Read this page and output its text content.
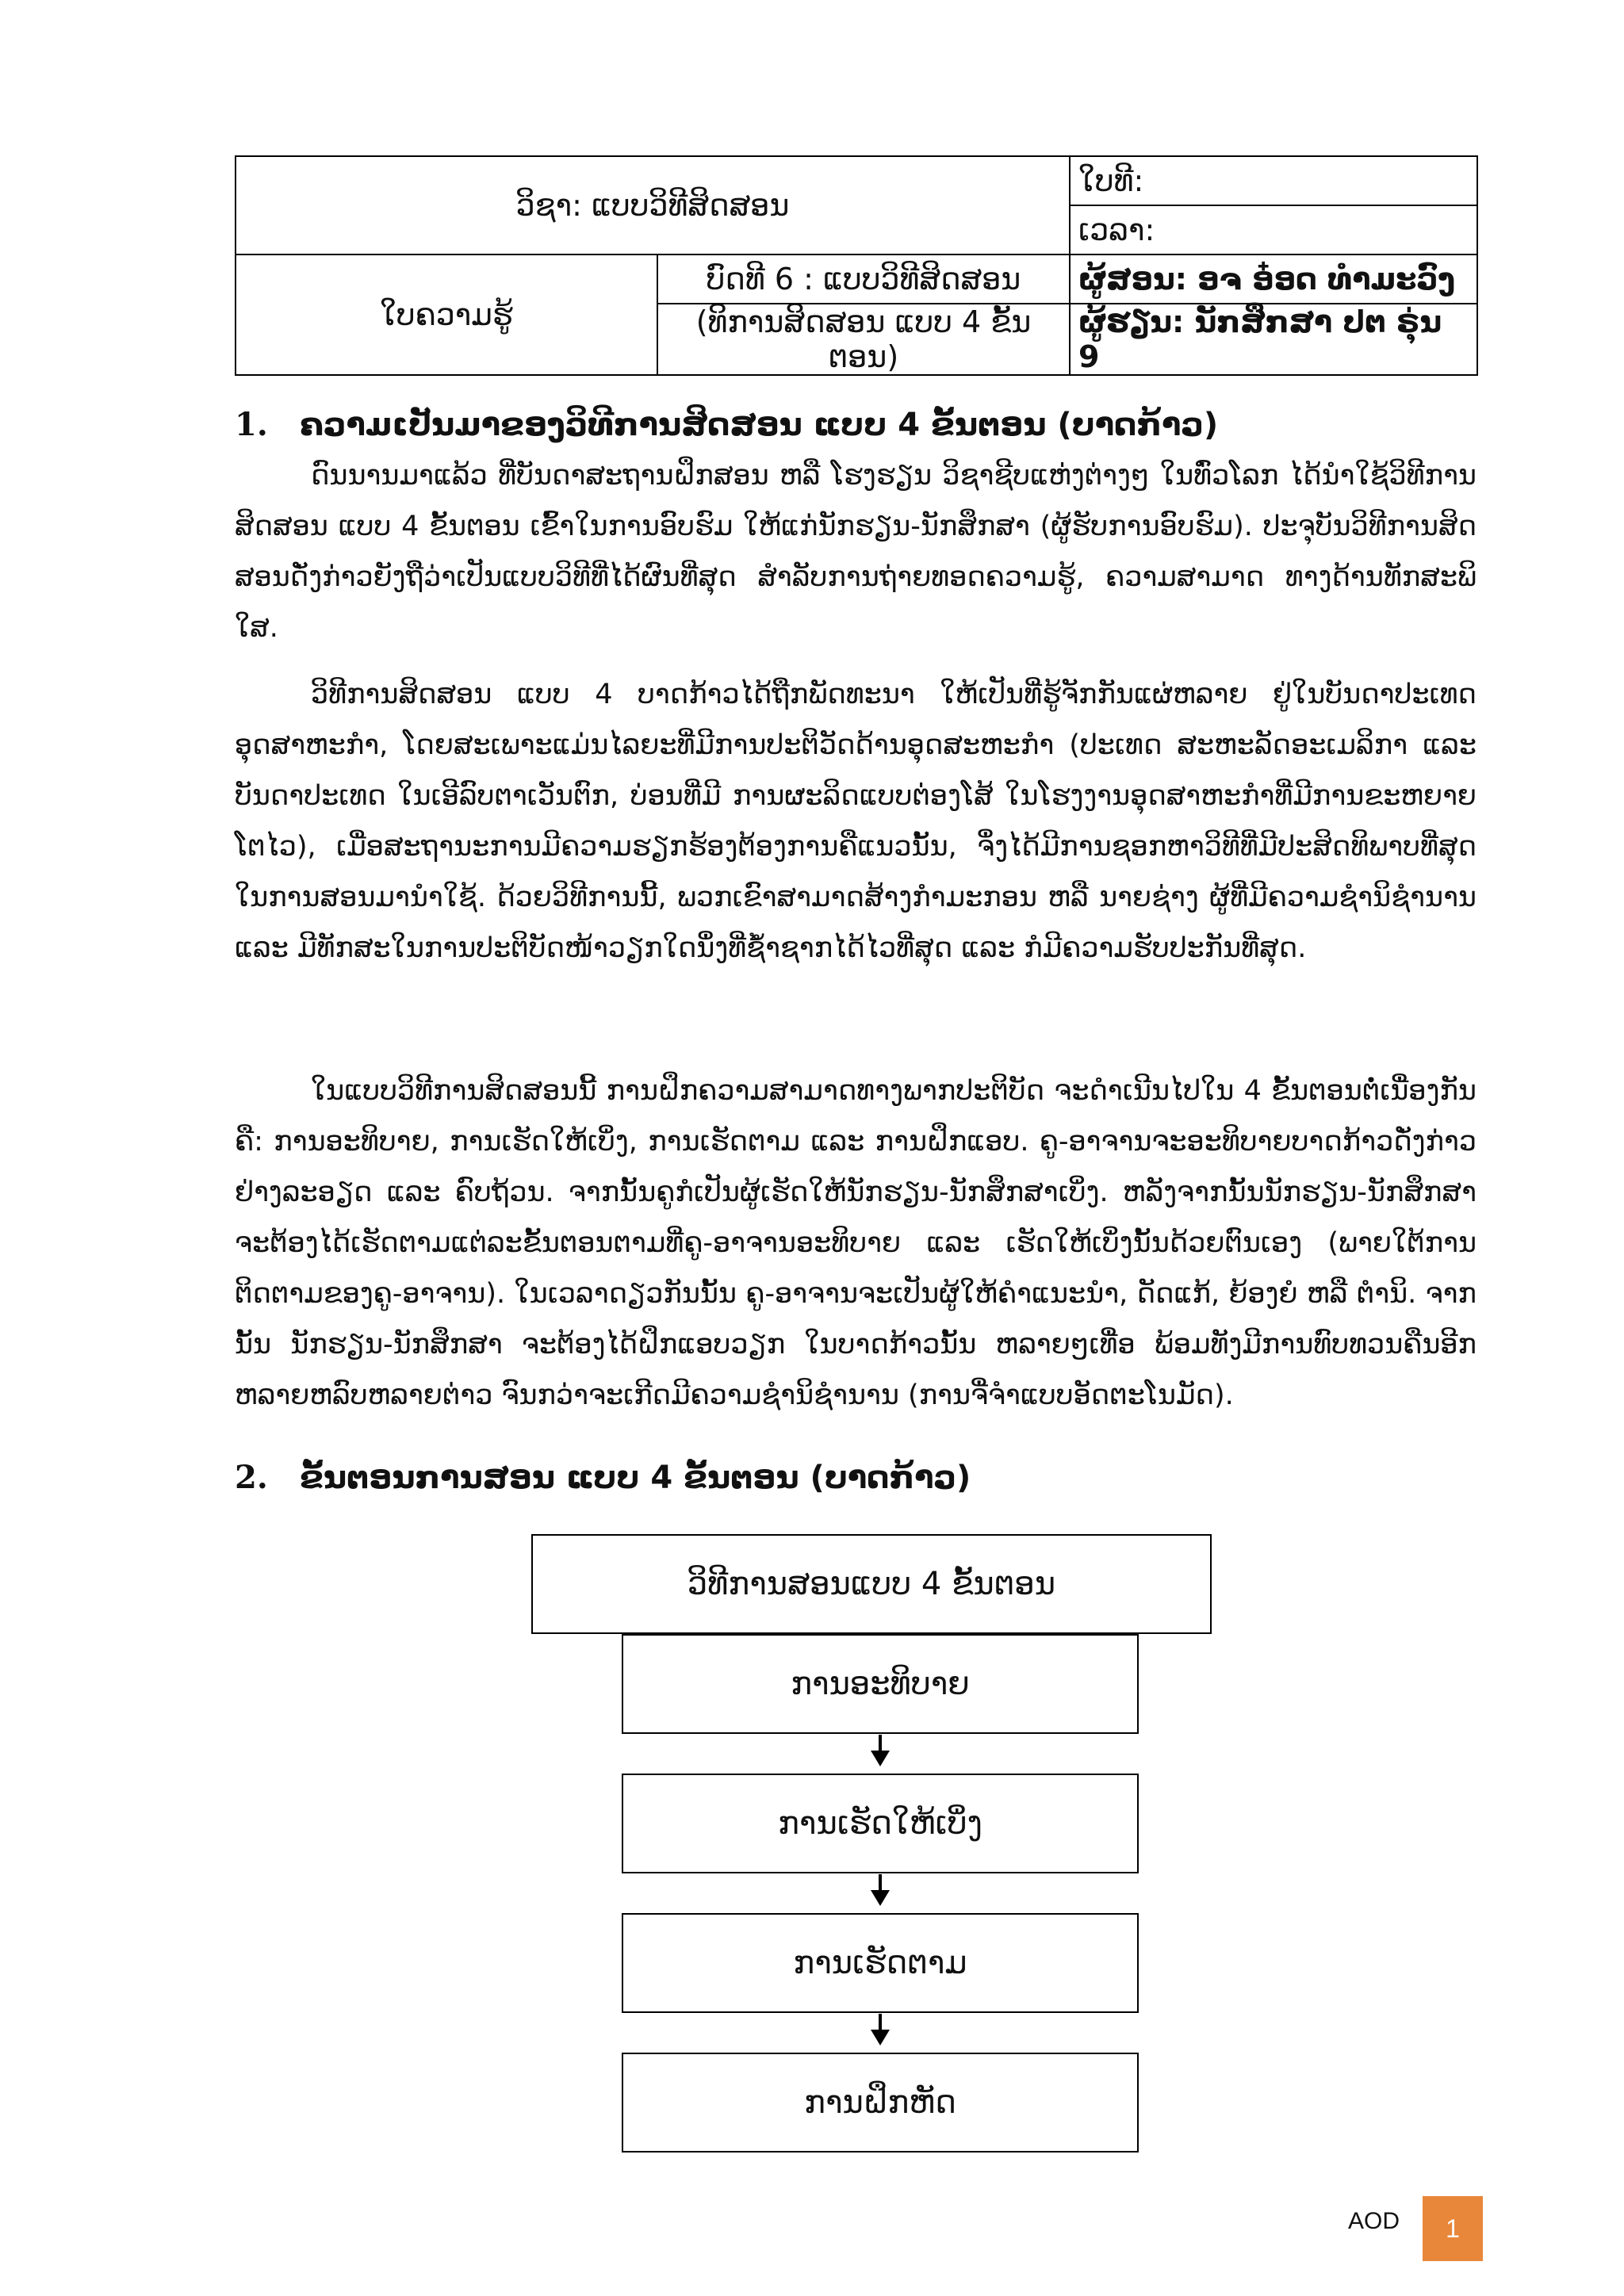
ວິຊາ: ແບບວິທີສິດສອນ		ໃບທີ:
		ເວລາ:
ໃບຄວາມຮູ້	ບົດທີ 6 : ແບບວິທີສິດສອນ	ຜູ້ສອນ: ອຈ ອ໋ອດ ທຳມະວົງ
	(ທິການສິດສອນ ແບບ 4 ຂັ້ນຕອນ)	ຜູ້ຮຽນ: ນັກສຶກສາ ປຕ ຣຸ່ນ 9
1. ຄວາມເປັນມາຂອງວິທີການສິດສອນ ແບບ 4 ຂັ້ນຕອນ (ບາດກ້າວ)

ດົນນານມາແລ້ວ ທີ່ບັນດາສະຖານຝຶກສອນ ຫລື ໂຮງຮຽນ ວິຊາຊີບແຫ່ງຕ່າງໆ ໃນທົ່ວໂລກ ໄດ້ນຳໃຊ້ວິທີການສິດສອນ ແບບ 4 ຂັ້ນຕອນ ເຂົ້າໃນການອົບຮົມ ໃຫ້ແກ່ນັກຮຽນ-ນັກສຶກສາ (ຜູ້ຮັບການອົບຮົມ). ປະຈຸບັນວິທີການສິດສອນດັ່ງກ່າວຍັງຖືວ່າເປັນແບບວິທີທີ່ໄດ້ຜົນທີ່ສຸດ ສຳລັບການຖ່າຍທອດຄວາມຮູ້, ຄວາມສາມາດ ທາງດ້ານທັກສະພິໃສ.

ວິທີການສິດສອນ ແບບ 4 ບາດກ້າວໄດ້ຖືກພັດທະນາ ໃຫ້ເປັນທີ່ຮູ້ຈັກກັນແຜ່ຫລາຍ ຢູ່ໃນບັນດາປະເທດອຸດສາຫະກຳ, ໂດຍສະເພາະແມ່ນໄລຍະທີ່ມີການປະຕິວັດດ້ານອຸດສະຫະກຳ (ປະເທດ ສະຫະລັດອະເມລິກາ ແລະ ບັນດາປະເທດ ໃນເອີລົບຕາເວັນຕົກ, ບ່ອນທີ່ມີ ການຜະລິດແບບຕ່ອງໂສ້ ໃນໂຮງງານອຸດສາຫະກຳທີ່ມີການຂະຫຍາຍໂຕໄວ), ເມື່ອສະຖານະການມີຄວາມຮຽກຮ້ອງຕ້ອງການຄືແນວນັ້ນ, ຈຶ່ງໄດ້ມີການຊອກຫາວິທີທີ່ມີປະສິດທິພາບທີ່ສຸດໃນການສອນມານຳໃຊ້. ດ້ວຍວິທີການນີ້, ພວກເຂົາສາມາດສ້າງກຳມະກອນ ຫລື ນາຍຊ່າງ ຜູ້ທີ່ມີຄວາມຊຳນິຊຳນານ ແລະ ມີທັກສະໃນການປະຕິບັດໜ້າວຽກໃດນຶ່ງທີ່ຊ້ຳຊາກໄດ້ໄວທີ່ສຸດ ແລະ ກໍມີຄວາມຮັບປະກັນທີ່ສຸດ.

ໃນແບບວິທີການສິດສອນນີ້ ການຝຶກຄວາມສາມາດທາງພາກປະຕິບັດ ຈະດຳເນີນໄປໃນ 4 ຂັ້ນຕອນຕໍ່ເນື່ອງກັນ ຄື: ການອະທິບາຍ, ການເຮັດໃຫ້ເບິ່ງ, ການເຮັດຕາມ ແລະ ການຝຶກແອບ. ຄູ-ອາຈານຈະອະທິບາຍບາດກ້າວດັ່ງກ່າວ ຢ່າງລະອຽດ ແລະ ຄົບຖ້ວນ. ຈາກນັ້ນຄູກໍເປັນຜູ້ເຮັດໃຫ້ນັກຮຽນ-ນັກສຶກສາເບິ່ງ. ຫລັງຈາກນັ້ນນັກຮຽນ-ນັກສຶກສາຈະຕ້ອງໄດ້ເຮັດຕາມແຕ່ລະຂັ້ນຕອນຕາມທີ່ຄູ-ອາຈານອະທິບາຍ ແລະ ເຮັດໃຫ້ເບິ່ງນັ້ນດ້ວຍຕົນເອງ (ພາຍໃຕ້ການຕິດຕາມຂອງຄູ-ອາຈານ). ໃນເວລາດຽວກັນນັ້ນ ຄູ-ອາຈານຈະເປັນຜູ້ໃຫ້ຄຳແນະນຳ, ດັດແກ້, ຍ້ອງຍໍ ຫລື ຕຳນິ. ຈາກນັ້ນ ນັກຮຽນ-ນັກສຶກສາ ຈະຕ້ອງໄດ້ຝຶກແອບວຽກ ໃນບາດກ້າວນັ້ນ ຫລາຍໆເທື່ອ ພ້ອມທັງມີການທົບທວນຄືນອີກ ຫລາຍຫລົບຫລາຍຕ່າວ ຈົນກວ່າຈະເກີດມີຄວາມຊຳນິຊຳນານ (ການຈື່ຈຳແບບອັດຕະໂນມັດ).

2. ຂັ້ນຕອນການສອນ ແບບ 4 ຂັ້ນຕອນ (ບາດກ້າວ)
ວິທີການສອນແບບ 4 ຂັ້ນຕອນ
ການອະທິບາຍ
ການເຮັດໃຫ້ເບິ່ງ
ການເຮັດຕາມ
ການຝຶກຫັດ
AOD	1
